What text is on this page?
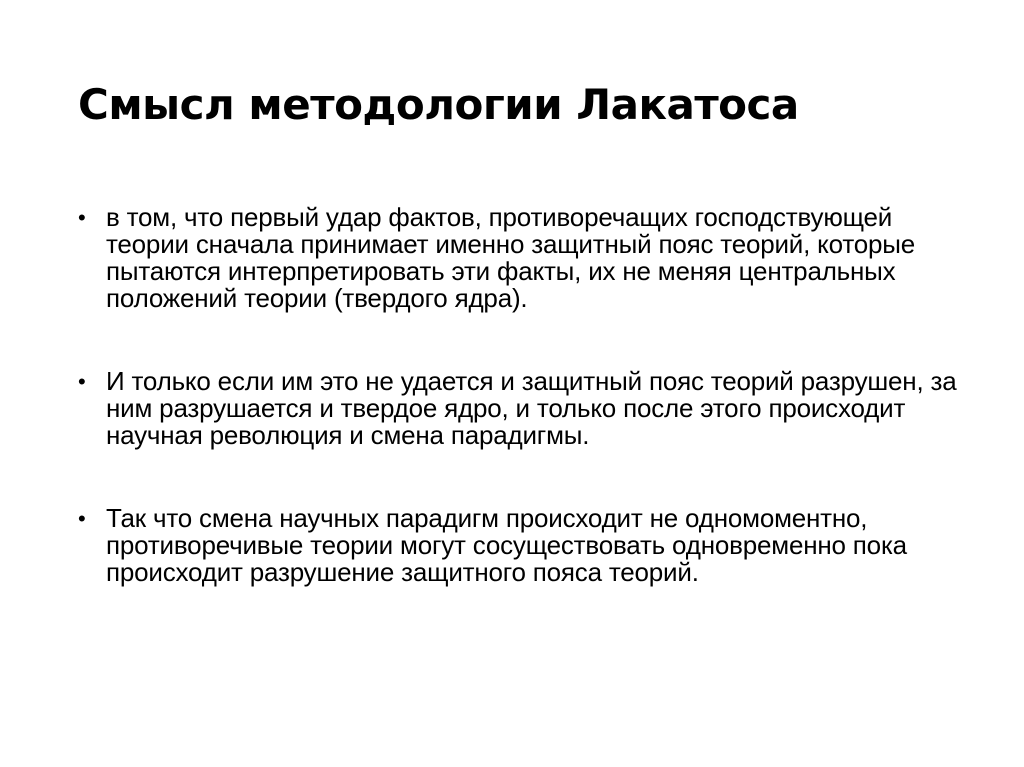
Смысл методологии Лакатоса
• в том, что первый удар фактов, противоречащих господствующей теории сначала принимает именно защитный пояс теорий, которые пытаются интерпретировать эти факты, их не меняя центральных положений теории (твердого ядра).
• И только если им это не удается и защитный пояс теорий разрушен, за ним разрушается и твердое ядро, и только после этого происходит научная революция и смена парадигмы.
• Так что смена научных парадигм происходит не одномоментно, противоречивые теории могут сосуществовать одновременно пока происходит разрушение защитного пояса теорий.
